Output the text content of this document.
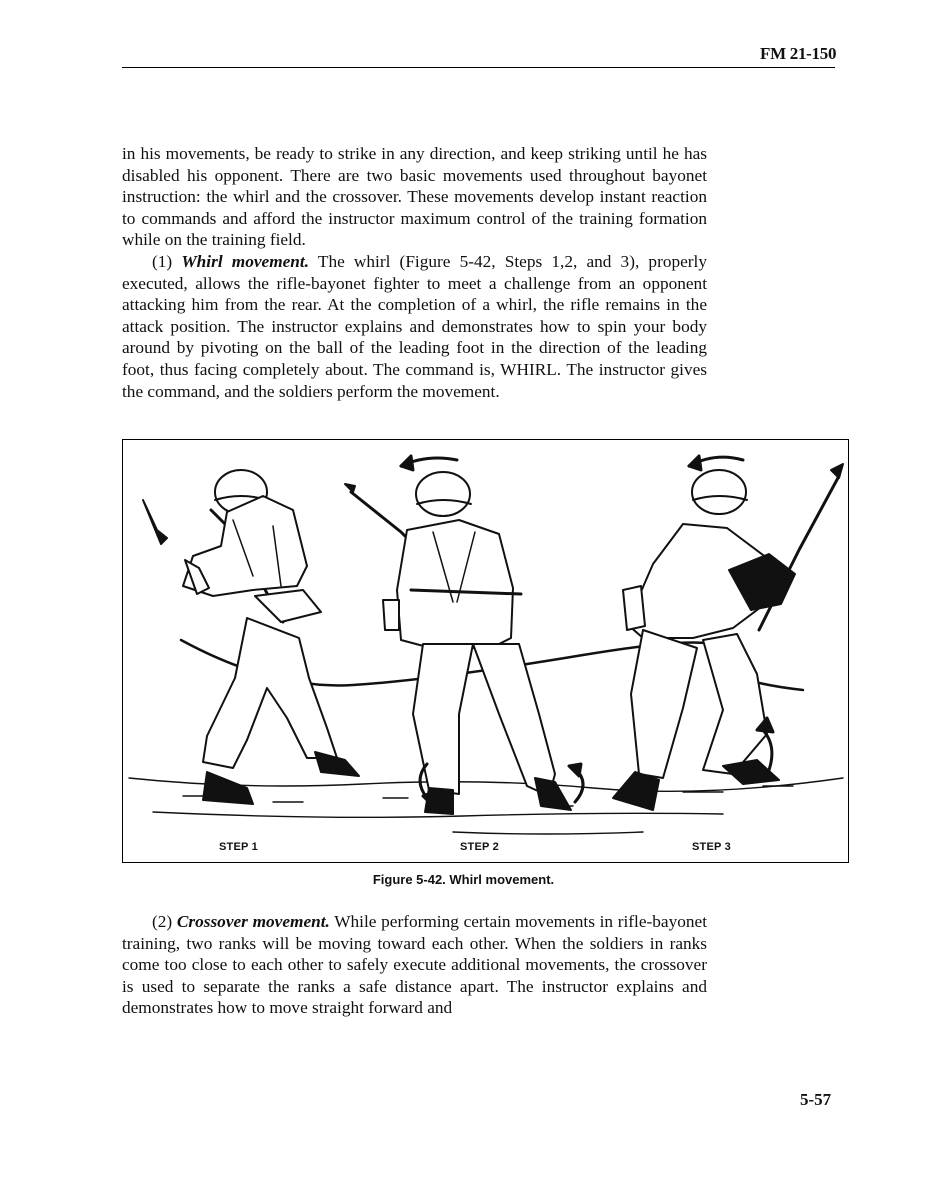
FM 21-150

in his movements, be ready to strike in any direction, and keep striking until he has disabled his opponent. There are two basic movements used throughout bayonet instruction: the whirl and the crossover. These movements develop instant reaction to commands and afford the instructor maximum control of the training formation while on the training field.

(1) Whirl movement. The whirl (Figure 5-42, Steps 1,2, and 3), properly executed, allows the rifle-bayonet fighter to meet a challenge from an opponent attacking him from the rear. At the completion of a whirl, the rifle remains in the attack position. The instructor explains and demonstrates how to spin your body around by pivoting on the ball of the leading foot in the direction of the leading foot, thus facing completely about. The command is, WHIRL. The instructor gives the command, and the soldiers perform the movement.

STEP 1	STEP 2	STEP 3
Figure 5-42. Whirl movement.

(2) Crossover movement. While performing certain movements in rifle-bayonet training, two ranks will be moving toward each other. When the soldiers in ranks come too close to each other to safely execute additional movements, the crossover is used to separate the ranks a safe distance apart. The instructor explains and demonstrates how to move straight forward and

5-57
